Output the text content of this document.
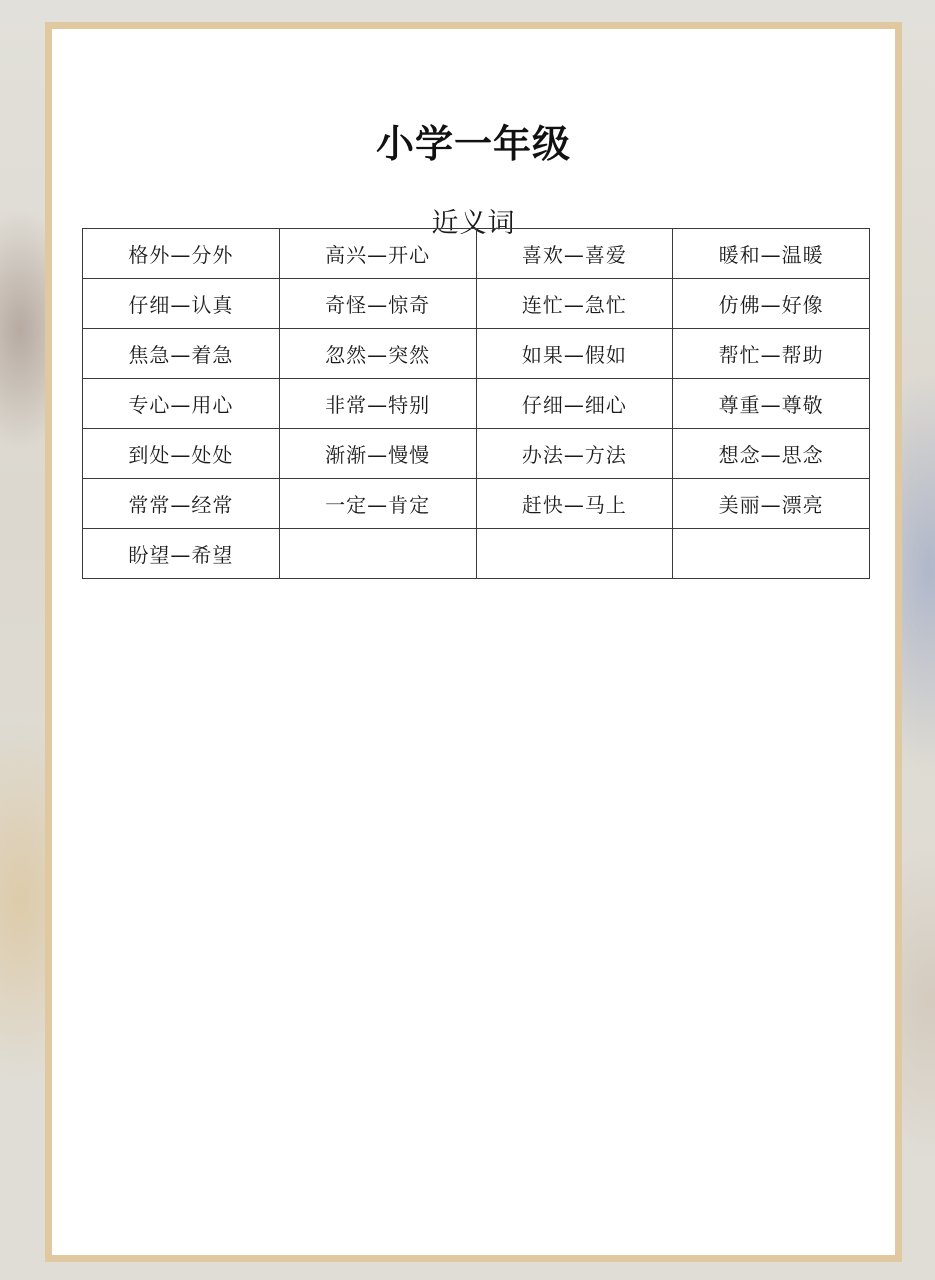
小学一年级
近义词
格外—分外	高兴—开心	喜欢—喜爱	暖和—温暖
仔细—认真	奇怪—惊奇	连忙—急忙	仿佛—好像
焦急—着急	忽然—突然	如果—假如	帮忙—帮助
专心—用心	非常—特别	仔细—细心	尊重—尊敬
到处—处处	渐渐—慢慢	办法—方法	想念—思念
常常—经常	一定—肯定	赶快—马上	美丽—漂亮
盼望—希望			
